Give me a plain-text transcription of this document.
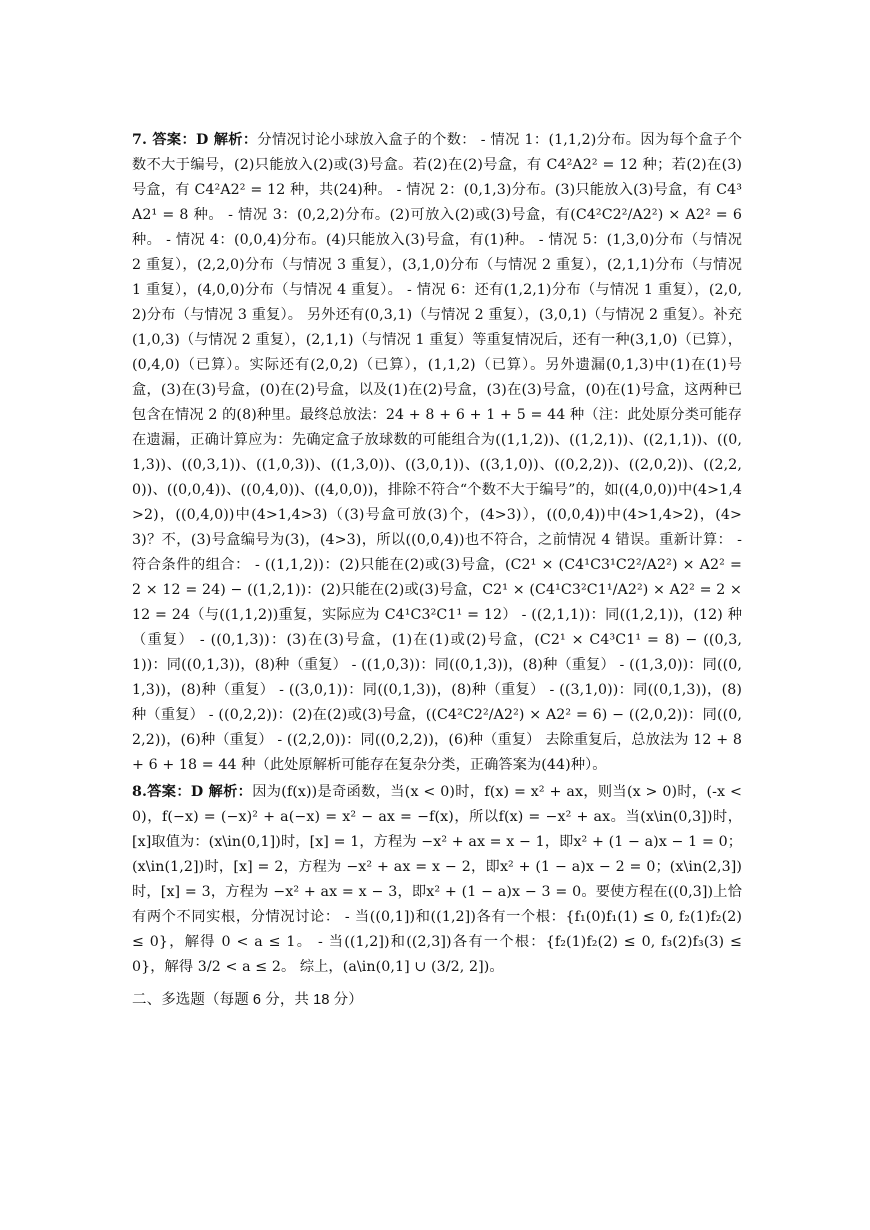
7. 答案：D 解析：分情况讨论小球放入盒子的个数： - 情况 1：(1,1,2)分布。因为每个盒子个数不大于编号，(2)只能放入(2)或(3)号盒。若(2)在(2)号盒，有 C4²A2² = 12 种；若(2)在(3)号盒，有 C4²A2² = 12 种，共(24)种。 - 情况 2：(0,1,3)分布。(3)只能放入(3)号盒，有 C4³A2¹ = 8 种。 - 情况 3：(0,2,2)分布。(2)可放入(2)或(3)号盒，有(C4²C2²/A2²) × A2² = 6 种。 - 情况 4：(0,0,4)分布。(4)只能放入(3)号盒，有(1)种。 - 情况 5：(1,3,0)分布（与情况 2 重复），(2,2,0)分布（与情况 3 重复），(3,1,0)分布（与情况 2 重复），(2,1,1)分布（与情况 1 重复），(4,0,0)分布（与情况 4 重复）。 - 情况 6：还有(1,2,1)分布（与情况 1 重复），(2,0,2)分布（与情况 3 重复）。 另外还有(0,3,1)（与情况 2 重复），(3,0,1)（与情况 2 重复）。补充(1,0,3)（与情况 2 重复），(2,1,1)（与情况 1 重复）等重复情况后，还有一种(3,1,0)（已算），(0,4,0)（已算）。实际还有(2,0,2)（已算），(1,1,2)（已算）。另外遗漏(0,1,3)中(1)在(1)号盒，(3)在(3)号盒，(0)在(2)号盒，以及(1)在(2)号盒，(3)在(3)号盒，(0)在(1)号盒，这两种已包含在情况 2 的(8)种里。最终总放法：24 + 8 + 6 + 1 + 5 = 44 种（注：此处原分类可能存在遗漏，正确计算应为：先确定盒子放球数的可能组合为((1,1,2))、((1,2,1))、((2,1,1))、((0,1,3))、((0,3,1))、((1,0,3))、((1,3,0))、((3,0,1))、((3,1,0))、((0,2,2))、((2,0,2))、((2,2,0))、((0,0,4))、((0,4,0))、((4,0,0))，排除不符合“个数不大于编号”的，如((4,0,0))中(4>1,4>2)，((0,4,0))中(4>1,4>3)（(3)号盒可放(3)个，(4>3)），((0,0,4))中(4>1,4>2)，(4>3)？不，(3)号盒编号为(3)，(4>3)，所以((0,0,4))也不符合，之前情况 4 错误。重新计算： - 符合条件的组合： - ((1,1,2))：(2)只能在(2)或(3)号盒，(C2¹ × (C4¹C3¹C2²/A2²) × A2² = 2 × 12 = 24) − ((1,2,1))：(2)只能在(2)或(3)号盒，C2¹ × (C4¹C3²C1¹/A2²) × A2² = 2 × 12 = 24（与((1,1,2))重复，实际应为 C4¹C3²C1¹ = 12） - ((2,1,1))：同((1,2,1))，(12) 种（重复） - ((0,1,3))：(3)在(3)号盒，(1)在(1)或(2)号盒，(C2¹ × C4³C1¹ = 8) − ((0,3,1))：同((0,1,3))，(8)种（重复） - ((1,0,3))：同((0,1,3))，(8)种（重复） - ((1,3,0))：同((0,1,3))，(8)种（重复） - ((3,0,1))：同((0,1,3))，(8)种（重复） - ((3,1,0))：同((0,1,3))，(8)种（重复） - ((0,2,2))：(2)在(2)或(3)号盒，((C4²C2²/A2²) × A2² = 6) − ((2,0,2))：同((0,2,2))，(6)种（重复） - ((2,2,0))：同((0,2,2))，(6)种（重复） 去除重复后，总放法为 12 + 8 + 6 + 18 = 44 种（此处原解析可能存在复杂分类，正确答案为(44)种）。

8.答案：D 解析：因为(f(x))是奇函数，当(x < 0)时，f(x) = x² + ax，则当(x > 0)时，(-x < 0)，f(−x) = (−x)² + a(−x) = x² − ax = −f(x)，所以f(x) = −x² + ax。当(x\in(0,3])时，[x]取值为：(x\in(0,1])时，[x] = 1，方程为 −x² + ax = x − 1，即x² + (1 − a)x − 1 = 0；(x\in(1,2])时，[x] = 2，方程为 −x² + ax = x − 2，即x² + (1 − a)x − 2 = 0；(x\in(2,3])时，[x] = 3，方程为 −x² + ax = x − 3，即x² + (1 − a)x − 3 = 0。要使方程在((0,3])上恰有两个不同实根，分情况讨论： - 当((0,1])和((1,2])各有一个根：{f₁(0)f₁(1) ≤ 0, f₂(1)f₂(2) ≤ 0}，解得 0 < a ≤ 1。 - 当((1,2])和((2,3])各有一个根：{f₂(1)f₂(2) ≤ 0, f₃(2)f₃(3) ≤ 0}，解得 3/2 < a ≤ 2。 综上，(a\in(0,1] ∪ (3/2, 2])。

二、多选题（每题 6 分，共 18 分）
